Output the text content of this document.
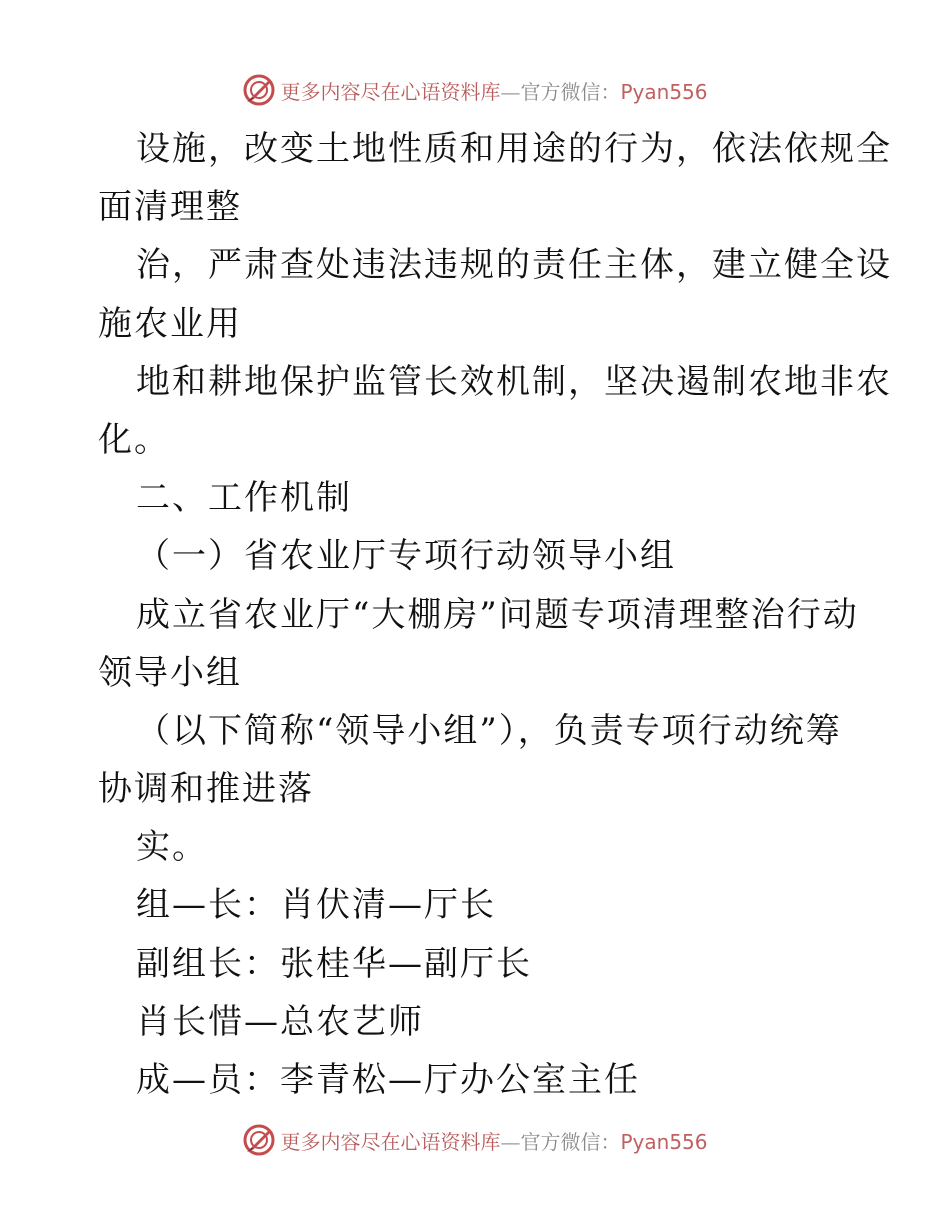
更多内容尽在心语资料库—官方微信：Pyan556
设施，改变土地性质和用途的行为，依法依规全
面清理整
治，严肃查处违法违规的责任主体，建立健全设
施农业用
地和耕地保护监管长效机制，坚决遏制农地非农
化。
二、工作机制
（一）省农业厅专项行动领导小组
成立省农业厅“大棚房”问题专项清理整治行动
领导小组
（以下简称“领导小组”），负责专项行动统筹
协调和推进落
实。
组—长：肖伏清—厅长
副组长：张桂华—副厅长
肖长惜—总农艺师
成—员：李青松—厅办公室主任
更多内容尽在心语资料库—官方微信：Pyan556
